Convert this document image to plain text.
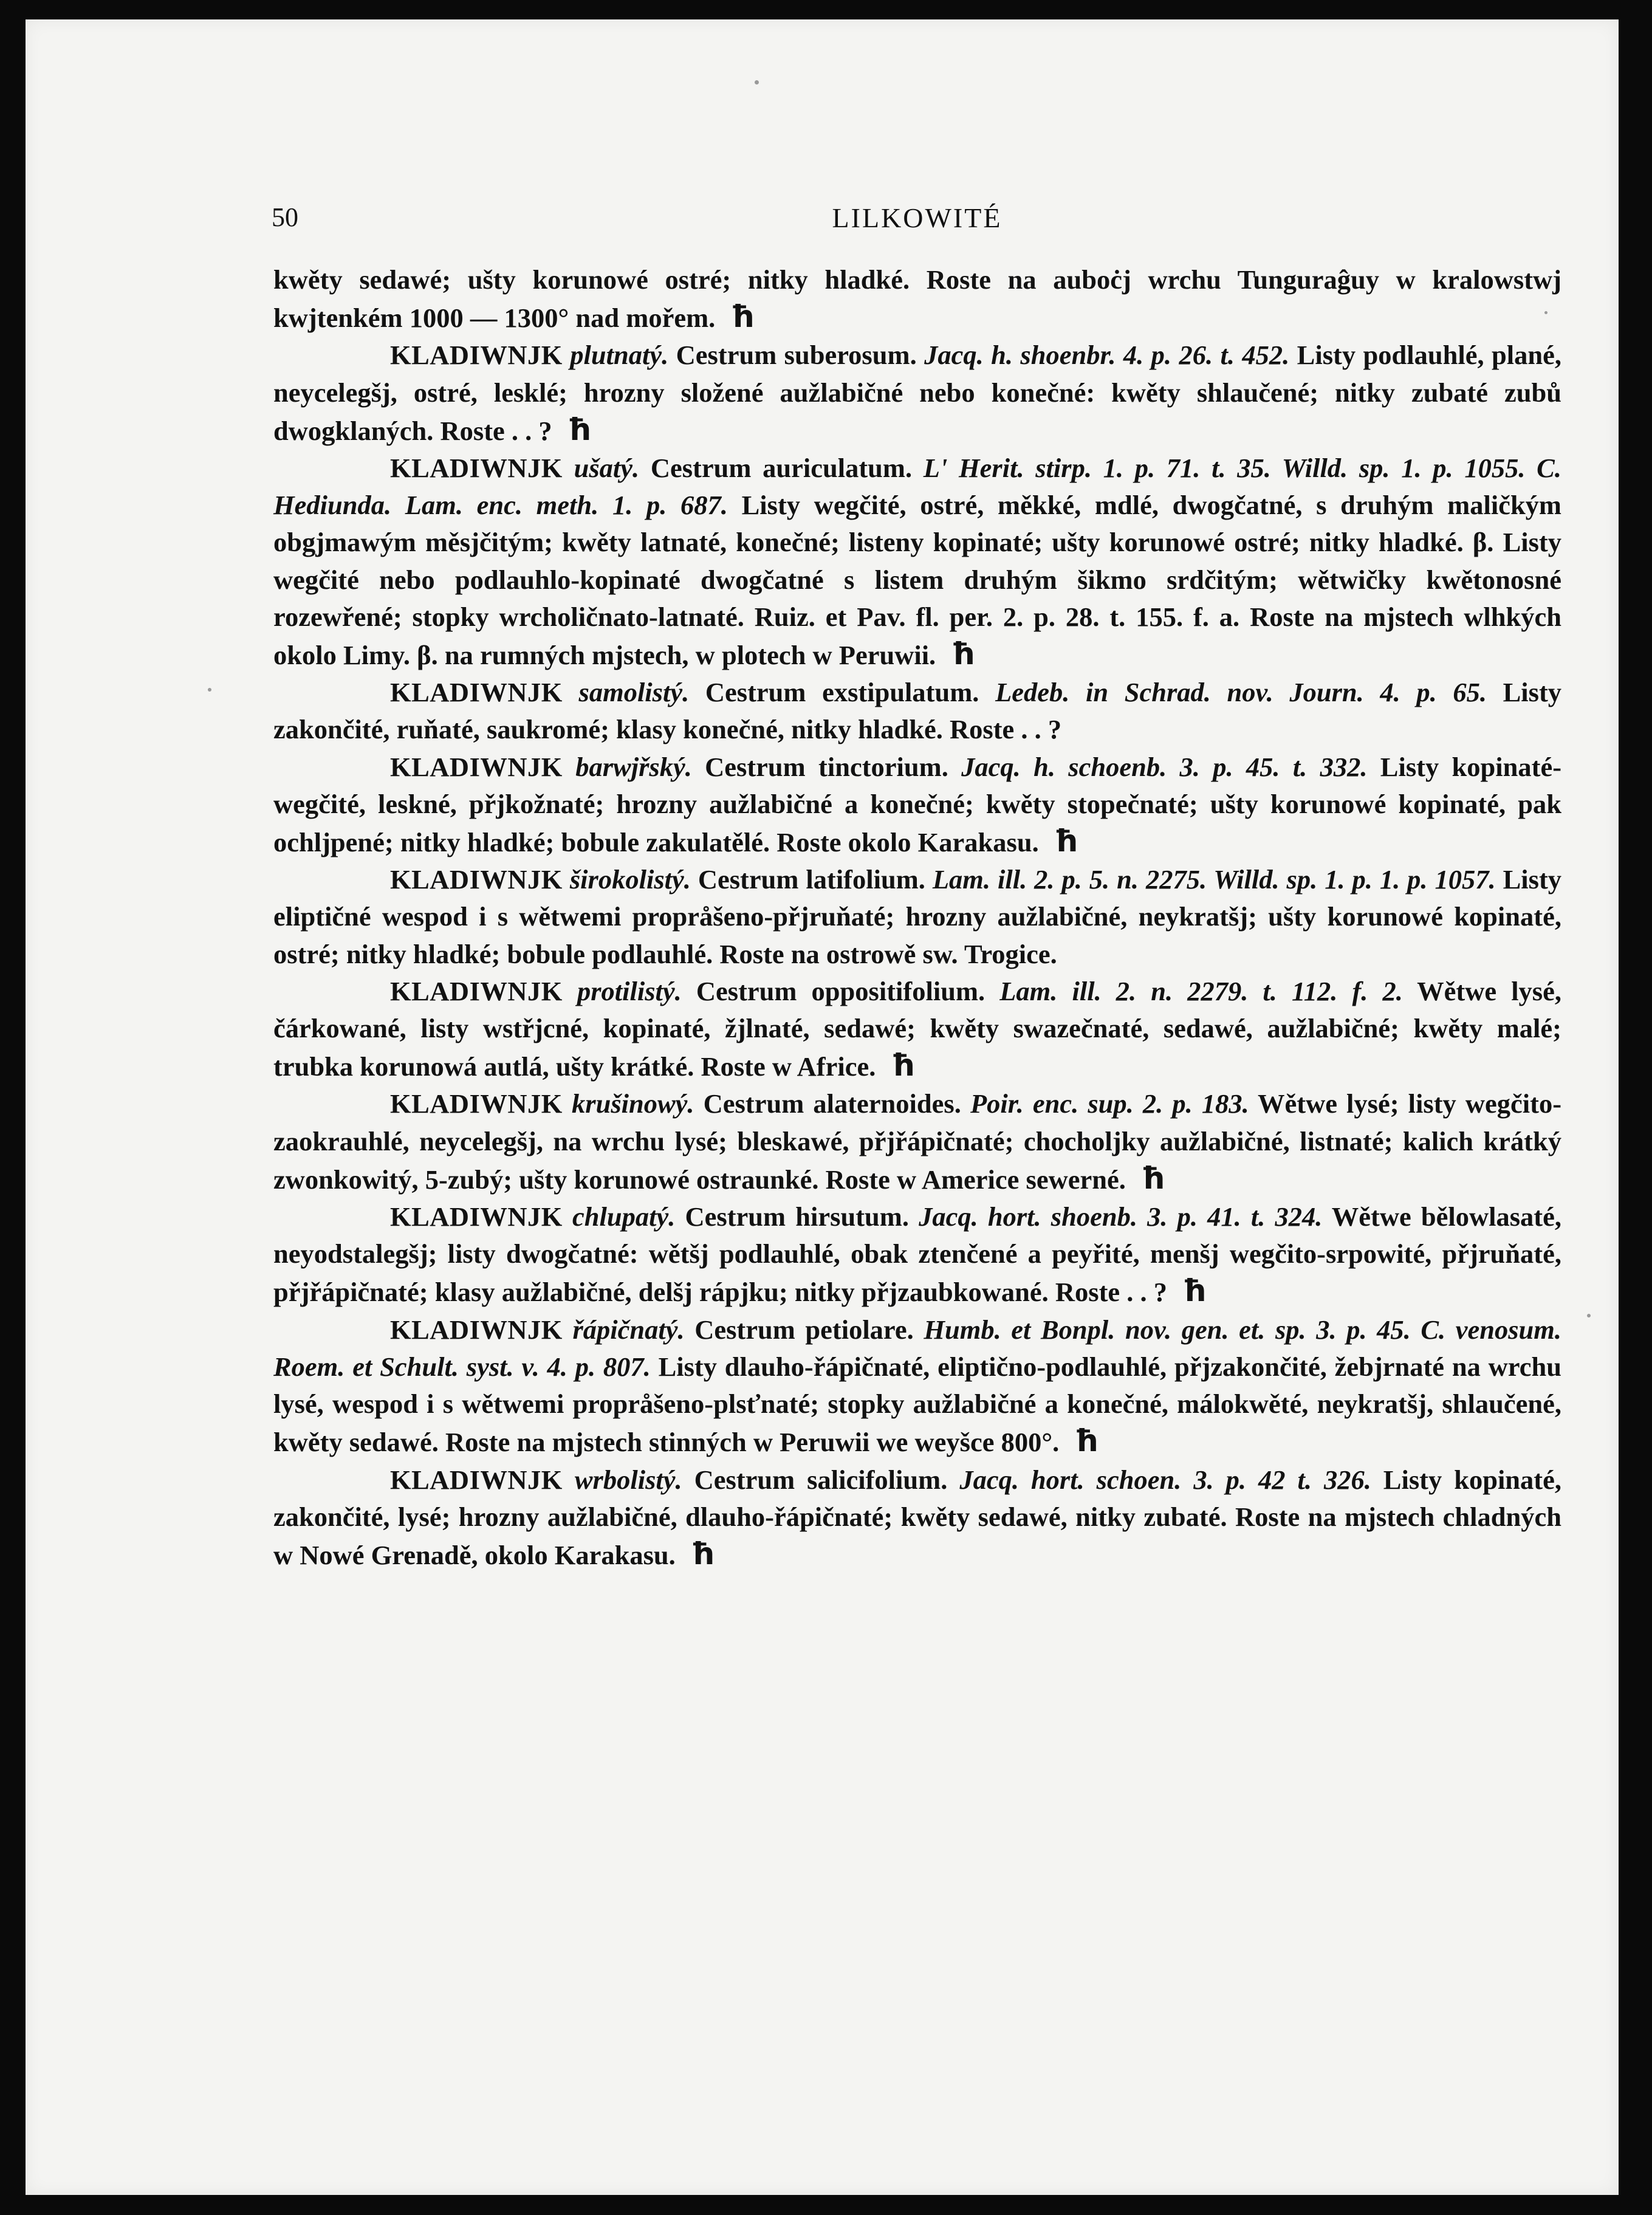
50	LILKOWITÉ

kwěty sedawé; ušty korunowé ostré; nitky hladké. Roste na auboċj wrchu Tunguraĝuy w kralowstwj kwjtenkém 1000 — 1300° nad mořem. ħ

KLADIWNJK plutnatý. Cestrum suberosum. Jacq. h. shoenbr. 4. p. 26. t. 452. Listy podlauhlé, plané, neycelegšj, ostré, lesklé; hrozny složené aužlabičné nebo konečné: kwěty shlaučené; nitky zubaté zubů dwogklaných. Roste . . ? ħ

KLADIWNJK ušatý. Cestrum auriculatum. L' Herit. stirp. 1. p. 71. t. 35. Willd. sp. 1. p. 1055. C. Hediunda. Lam. enc. meth. 1. p. 687. Listy wegčité, ostré, měkké, mdlé, dwogčatné, s druhým maličkým obgjmawým měsjčitým; kwěty latnaté, konečné; listeny kopinaté; ušty korunowé ostré; nitky hladké. β. Listy wegčité nebo podlauhlo-kopinaté dwogčatné s listem druhým šikmo srdčitým; wětwičky kwětonosné rozewřené; stopky wrcholičnato-latnaté. Ruiz. et Pav. fl. per. 2. p. 28. t. 155. f. a. Roste na mjstech wlhkých okolo Limy. β. na rumných mjstech, w plotech w Peruwii. ħ

KLADIWNJK samolistý. Cestrum exstipulatum. Ledeb. in Schrad. nov. Journ. 4. p. 65. Listy zakončité, ruňaté, saukromé; klasy konečné, nitky hladké. Roste . . ?

KLADIWNJK barwjřský. Cestrum tinctorium. Jacq. h. schoenb. 3. p. 45. t. 332. Listy kopinaté-wegčité, leskné, přjkožnaté; hrozny aužlabičné a konečné; kwěty stopečnaté; ušty korunowé kopinaté, pak ochljpené; nitky hladké; bobule zakulatělé. Roste okolo Karakasu. ħ

KLADIWNJK širokolistý. Cestrum latifolium. Lam. ill. 2. p. 5. n. 2275. Willd. sp. 1. p. 1. p. 1057. Listy eliptičné wespod i s wětwemi propråšeno-přjruňaté; hrozny aužlabičné, neykratšj; ušty korunowé kopinaté, ostré; nitky hladké; bobule podlauhlé. Roste na ostrowě sw. Trogice.

KLADIWNJK protilistý. Cestrum oppositifolium. Lam. ill. 2. n. 2279. t. 112. f. 2. Wětwe lysé, čárkowané, listy wstřjcné, kopinaté, žjlnaté, sedawé; kwěty swazečnaté, sedawé, aužlabičné; kwěty malé; trubka korunowá autlá, ušty krátké. Roste w Africe. ħ

KLADIWNJK krušinowý. Cestrum alaternoides. Poir. enc. sup. 2. p. 183. Wětwe lysé; listy wegčito-zaokrauhlé, neycelegšj, na wrchu lysé; bleskawé, přjřápičnaté; chocholjky aužlabičné, listnaté; kalich krátký zwonkowitý, 5-zubý; ušty korunowé ostraunké. Roste w Americe sewerné. ħ

KLADIWNJK chlupatý. Cestrum hirsutum. Jacq. hort. shoenb. 3. p. 41. t. 324. Wětwe bělowlasaté, neyodstalegšj; listy dwogčatné: wětšj podlauhlé, obak ztenčené a peyřité, menšj wegčito-srpowité, přjruňaté, přjřápičnaté; klasy aužlabičné, delšj rápjku; nitky přjzaubkowané. Roste . . ? ħ

KLADIWNJK řápičnatý. Cestrum petiolare. Humb. et Bonpl. nov. gen. et. sp. 3. p. 45. C. venosum. Roem. et Schult. syst. v. 4. p. 807. Listy dlauho-řápičnaté, eliptično-podlauhlé, přjzakončité, žebjrnaté na wrchu lysé, wespod i s wětwemi propråšeno-plsťnaté; stopky aužlabičné a konečné, málokwěté, neykratšj, shlaučené, kwěty sedawé. Roste na mjstech stinných w Peruwii we weyšce 800°. ħ

KLADIWNJK wrbolistý. Cestrum salicifolium. Jacq. hort. schoen. 3. p. 42 t. 326. Listy kopinaté, zakončité, lysé; hrozny aužlabičné, dlauho-řápičnaté; kwěty sedawé, nitky zubaté. Roste na mjstech chladných w Nowé Grenadě, okolo Karakasu. ħ
